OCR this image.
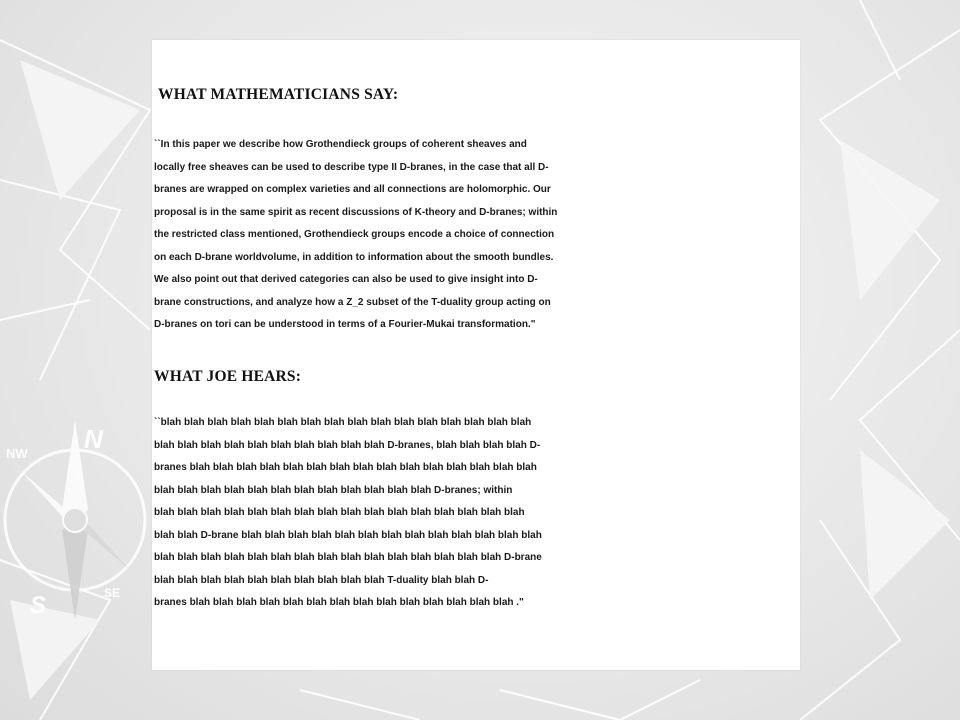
N
NW
S	SE
WHAT MATHEMATICIANS SAY:
``In this paper we describe how Grothendieck groups of coherent sheaves and
locally free sheaves can be used to describe type II D-branes, in the case that all D-
branes are wrapped on complex varieties and all connections are holomorphic. Our
proposal is in the same spirit as recent discussions of K-theory and D-branes; within
the restricted class mentioned, Grothendieck groups encode a choice of connection
on each D-brane worldvolume, in addition to information about the smooth bundles.
We also point out that derived categories can also be used to give insight into D-
brane constructions, and analyze how a Z_2 subset of the T-duality group acting on
D-branes on tori can be understood in terms of a Fourier-Mukai transformation."
WHAT JOE HEARS:
``blah blah blah blah blah blah blah blah blah blah blah blah blah blah blah blah
blah blah blah blah blah blah blah blah blah blah D-branes, blah blah blah blah D-
branes blah blah blah blah blah blah blah blah blah blah blah blah blah blah blah
blah blah blah blah blah blah blah blah blah blah blah blah D-branes; within
blah blah blah blah blah blah blah blah blah blah blah blah blah blah blah blah
blah blah D-brane blah blah blah blah blah blah blah blah blah blah blah blah blah
blah blah blah blah blah blah blah blah blah blah blah blah blah blah blah D-brane
blah blah blah blah blah blah blah blah blah blah T-duality blah blah D-
branes blah blah blah blah blah blah blah blah blah blah blah blah blah blah ."
